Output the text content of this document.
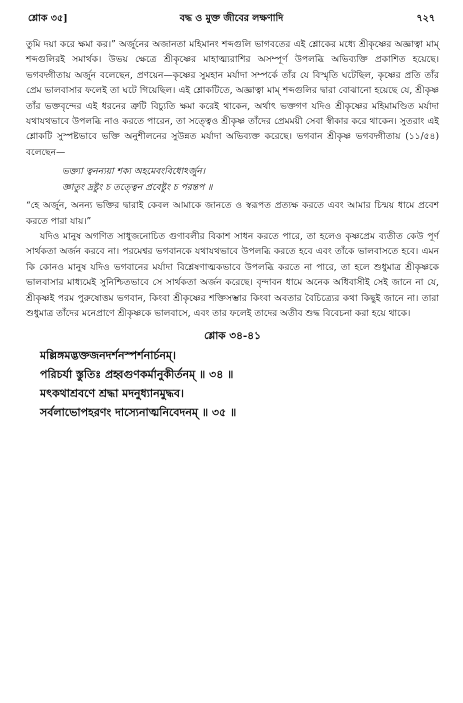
শ্লোক ৩৫]	বদ্ধ ও মুক্ত জীবের লক্ষণাদি	৭২৭

তুমি দয়া করে ক্ষমা কর।” অর্জুনের অজানতা মহিমানং শব্দগুলি ভাগবতের এই শ্লোকের মধ্যে শ্রীকৃষ্ণের অজ্ঞাত্বা মাম্ শব্দগুলিরই সমার্থক। উভয় ক্ষেত্রে শ্রীকৃষ্ণের মাহাত্ম্যরাশির অসম্পূর্ণ উপলব্ধি অভিব্যক্তি প্রকাশিত হয়েছে। ভগবদ্গীতায় অর্জুন বলেছেন, প্রণয়েন—কৃষ্ণের সুমহান মর্যাদা সম্পর্কে তাঁর যে বিস্মৃতি ঘটেছিল, কৃষ্ণের প্রতি তাঁর প্রেম ভালবাসার ফলেই তা ঘটে গিয়েছিল। এই শ্লোকটিতে, অজ্ঞাত্বা মাম্ শব্দগুলির দ্বারা বোঝানো হয়েছে যে, শ্রীকৃষ্ণ তাঁর ভক্তবৃন্দের এই ধরনের ত্রুটি বিচ্যুতি ক্ষমা করেই থাকেন, অর্থাৎ ভক্তগণ যদিও শ্রীকৃষ্ণের মহিমামণ্ডিত মর্যাদা যথাযথভাবে উপলব্ধি নাও করতে পারেন, তা সত্ত্বেও শ্রীকৃষ্ণ তাঁদের প্রেমময়ী সেবা স্বীকার করে থাকেন। সুতরাং এই শ্লোকটি সুস্পষ্টভাবে ভক্তি অনুশীলনের সুউন্নত মর্যাদা অভিব্যক্ত করেছে। ভগবান শ্রীকৃষ্ণ ভগবদ্গীতায় (১১/৫৪) বলেছেন—

ভক্ত্যা ত্বনন্যয়া শক্য অহমেবংবিধোঽর্জুন।
জ্ঞাতুং দ্রষ্টুং চ তত্ত্বেন প্রবেষ্টুং চ পরন্তপ ॥

“হে অর্জুন, অনন্য ভক্তির দ্বারাই কেবল আমাকে জানতে ও স্বরূপত প্রত্যক্ষ করতে এবং আমার চিন্ময় ধামে প্রবেশ করতে পারা যায়।”

যদিও মানুষ অগণিত সাধুজনোচিত গুণাবলীর বিকাশ সাধন করতে পারে, তা হলেও কৃষ্ণপ্রেম ব্যতীত কেউ পূর্ণ সার্থকতা অর্জন করবে না। পরমেশ্বর ভগবানকে যথাযথভাবে উপলব্ধি করতে হবে এবং তাঁকে ভালবাসতে হবে। এমন কি কোনও মানুষ যদিও ভগবানের মর্যাদা বিশ্লেষণাত্মকভাবে উপলব্ধি করতে না পারে, তা হলে শুধুমাত্র শ্রীকৃষ্ণকে ভালবাসার মাধ্যমেই সুনিশ্চিতভাবে সে সার্থকতা অর্জন করেছে। বৃন্দাবন ধামে অনেক অধিবাসীই সেই জানে না যে, শ্রীকৃষ্ণই পরম পুরুষোত্তম ভগবান, কিংবা শ্রীকৃষ্ণের শক্তিসম্ভার কিংবা অবতার বৈচিত্র্যের কথা কিছুই জানে না। তারা শুধুমাত্র তাঁদের মনেপ্রাণে শ্রীকৃষ্ণকে ভালবাসে, এবং তার ফলেই তাদের অতীব শুদ্ধ বিবেচনা করা হয়ে থাকে।

শ্লোক ৩৪-৪১
মল্লিঙ্গমদ্ভক্তজনদর্শনস্পর্শনার্চনম্।
পরিচর্যা স্তুতিঃ প্রহ্বগুণকর্মানুকীর্তনম্ ॥ ৩৪ ॥
মৎকথাশ্রবণে শ্রদ্ধা মদনুধ্যানমুদ্ধব।
সর্বলাভোপহরণং দাস্যেনাত্মনিবেদনম্ ॥ ৩৫ ॥
